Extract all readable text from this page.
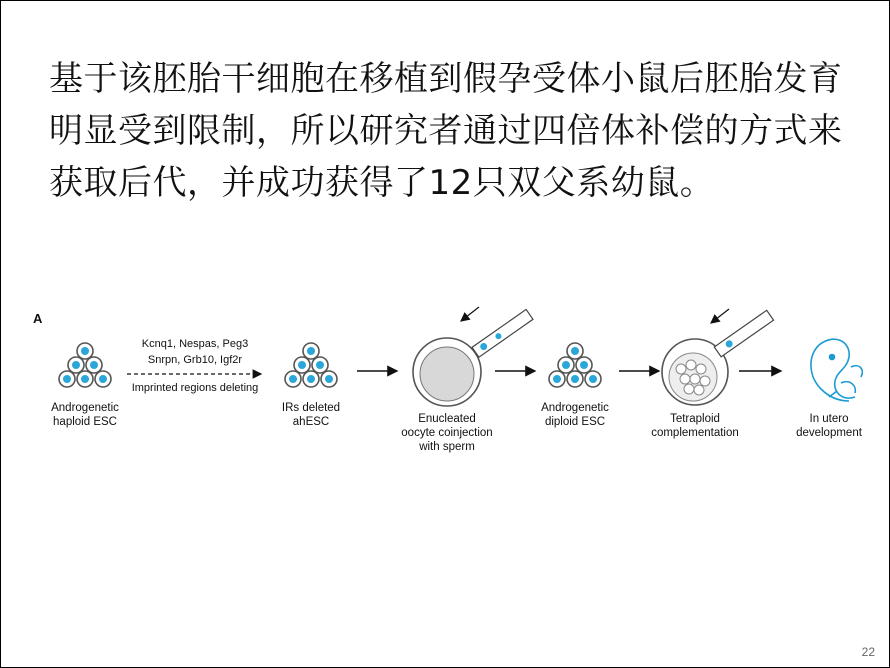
基于该胚胎干细胞在移植到假孕受体小鼠后胚胎发育
明显受到限制，所以研究者通过四倍体补偿的方式来
获取后代，并成功获得了12只双父系幼鼠。
A
Androgenetic
haploid ESC
Kcnq1, Nespas, Peg3
Snrpn, Grb10, Igf2r
Imprinted regions deleting
IRs deleted
ahESC	Enucleated
oocyte coinjection
with sperm
Androgenetic
diploid ESC	Tetraploid
complementation
In utero
development
22
